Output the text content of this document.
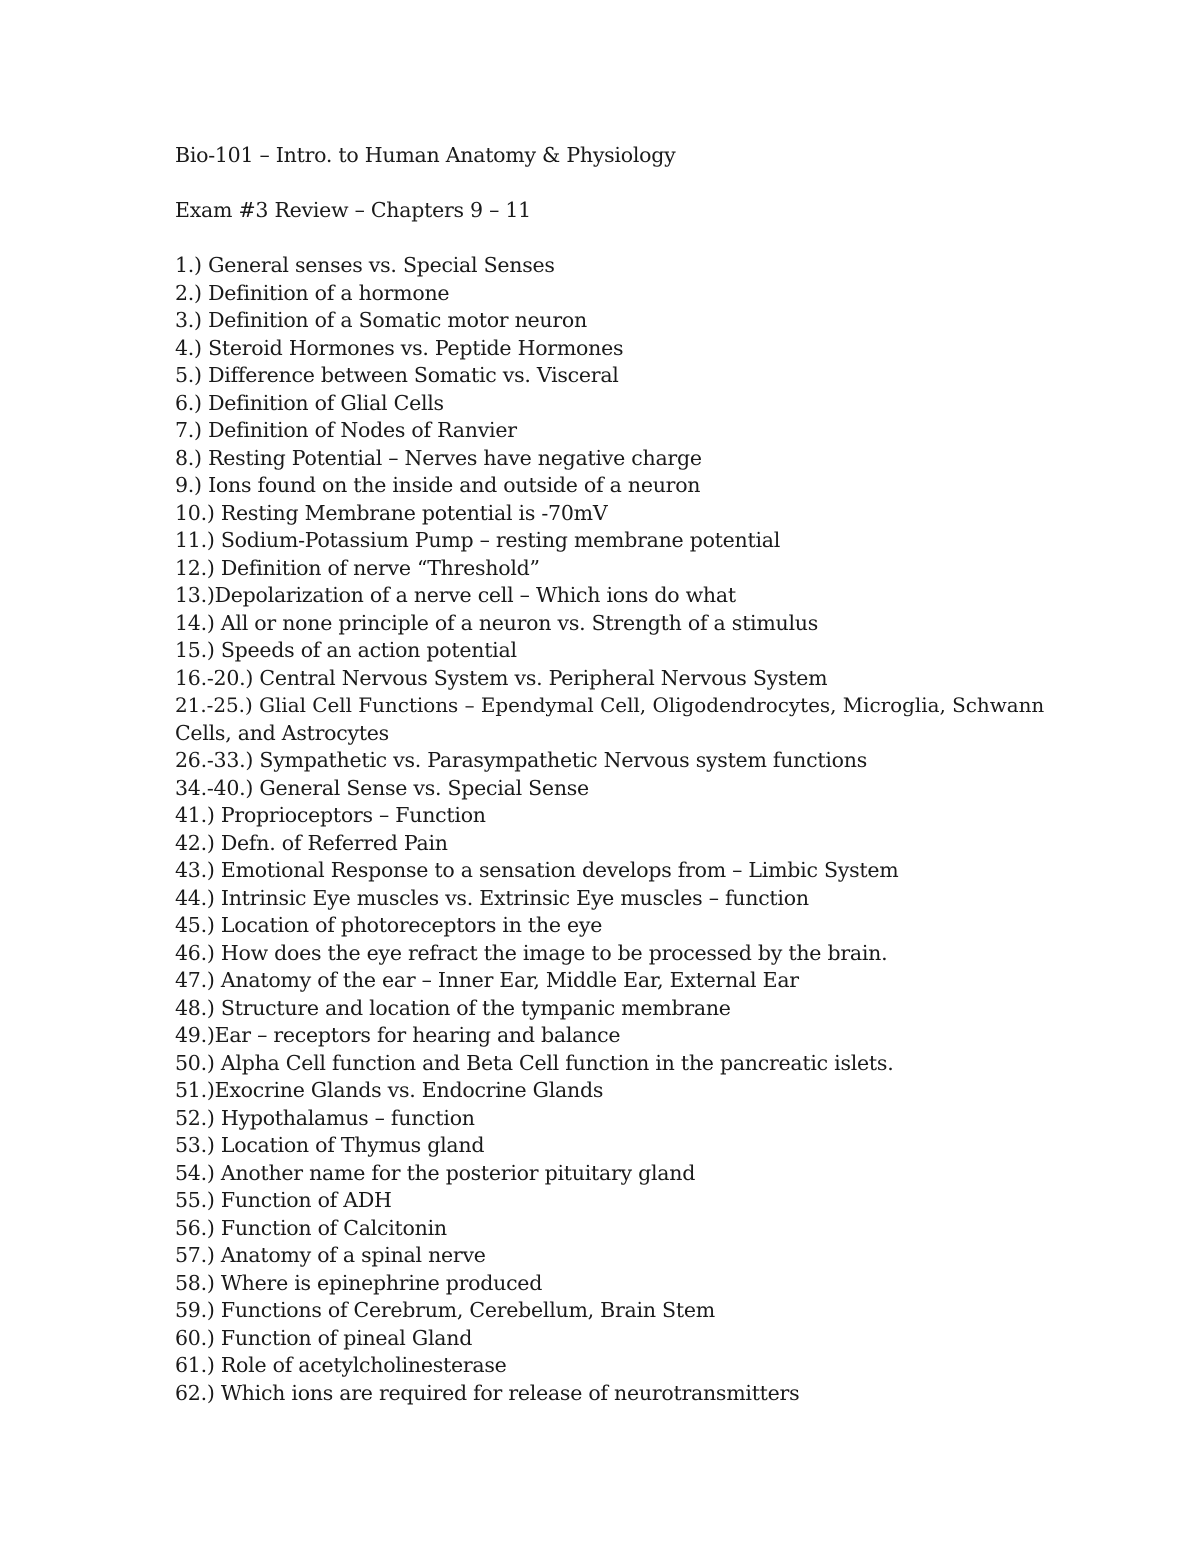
Bio-101 – Intro. to Human Anatomy & Physiology
Exam #3 Review – Chapters 9 – 11
1.) General senses vs. Special Senses
2.) Definition of a hormone
3.) Definition of a Somatic motor neuron
4.) Steroid Hormones vs. Peptide Hormones
5.) Difference between Somatic vs. Visceral
6.) Definition of Glial Cells
7.) Definition of Nodes of Ranvier
8.) Resting Potential – Nerves have negative charge
9.) Ions found on the inside and outside of a neuron
10.) Resting Membrane potential is -70mV
11.) Sodium-Potassium Pump – resting membrane potential
12.) Definition of nerve “Threshold”
13.)Depolarization of a nerve cell – Which ions do what
14.) All or none principle of a neuron vs. Strength of a stimulus
15.) Speeds of an action potential
16.-20.) Central Nervous System vs. Peripheral Nervous System
21.-25.) Glial Cell Functions – Ependymal Cell, Oligodendrocytes, Microglia, Schwann
Cells, and Astrocytes
26.-33.) Sympathetic vs. Parasympathetic Nervous system functions
34.-40.) General Sense vs. Special Sense
41.) Proprioceptors – Function
42.) Defn. of Referred Pain
43.) Emotional Response to a sensation develops from – Limbic System
44.) Intrinsic Eye muscles vs. Extrinsic Eye muscles – function
45.) Location of photoreceptors in the eye
46.) How does the eye refract the image to be processed by the brain.
47.) Anatomy of the ear – Inner Ear, Middle Ear, External Ear
48.) Structure and location of the tympanic membrane
49.)Ear – receptors for hearing and balance
50.) Alpha Cell function and Beta Cell function in the pancreatic islets.
51.)Exocrine Glands vs. Endocrine Glands
52.) Hypothalamus – function
53.) Location of Thymus gland
54.) Another name for the posterior pituitary gland
55.) Function of ADH
56.) Function of Calcitonin
57.) Anatomy of a spinal nerve
58.) Where is epinephrine produced
59.) Functions of Cerebrum, Cerebellum, Brain Stem
60.) Function of pineal Gland
61.) Role of acetylcholinesterase
62.) Which ions are required for release of neurotransmitters
